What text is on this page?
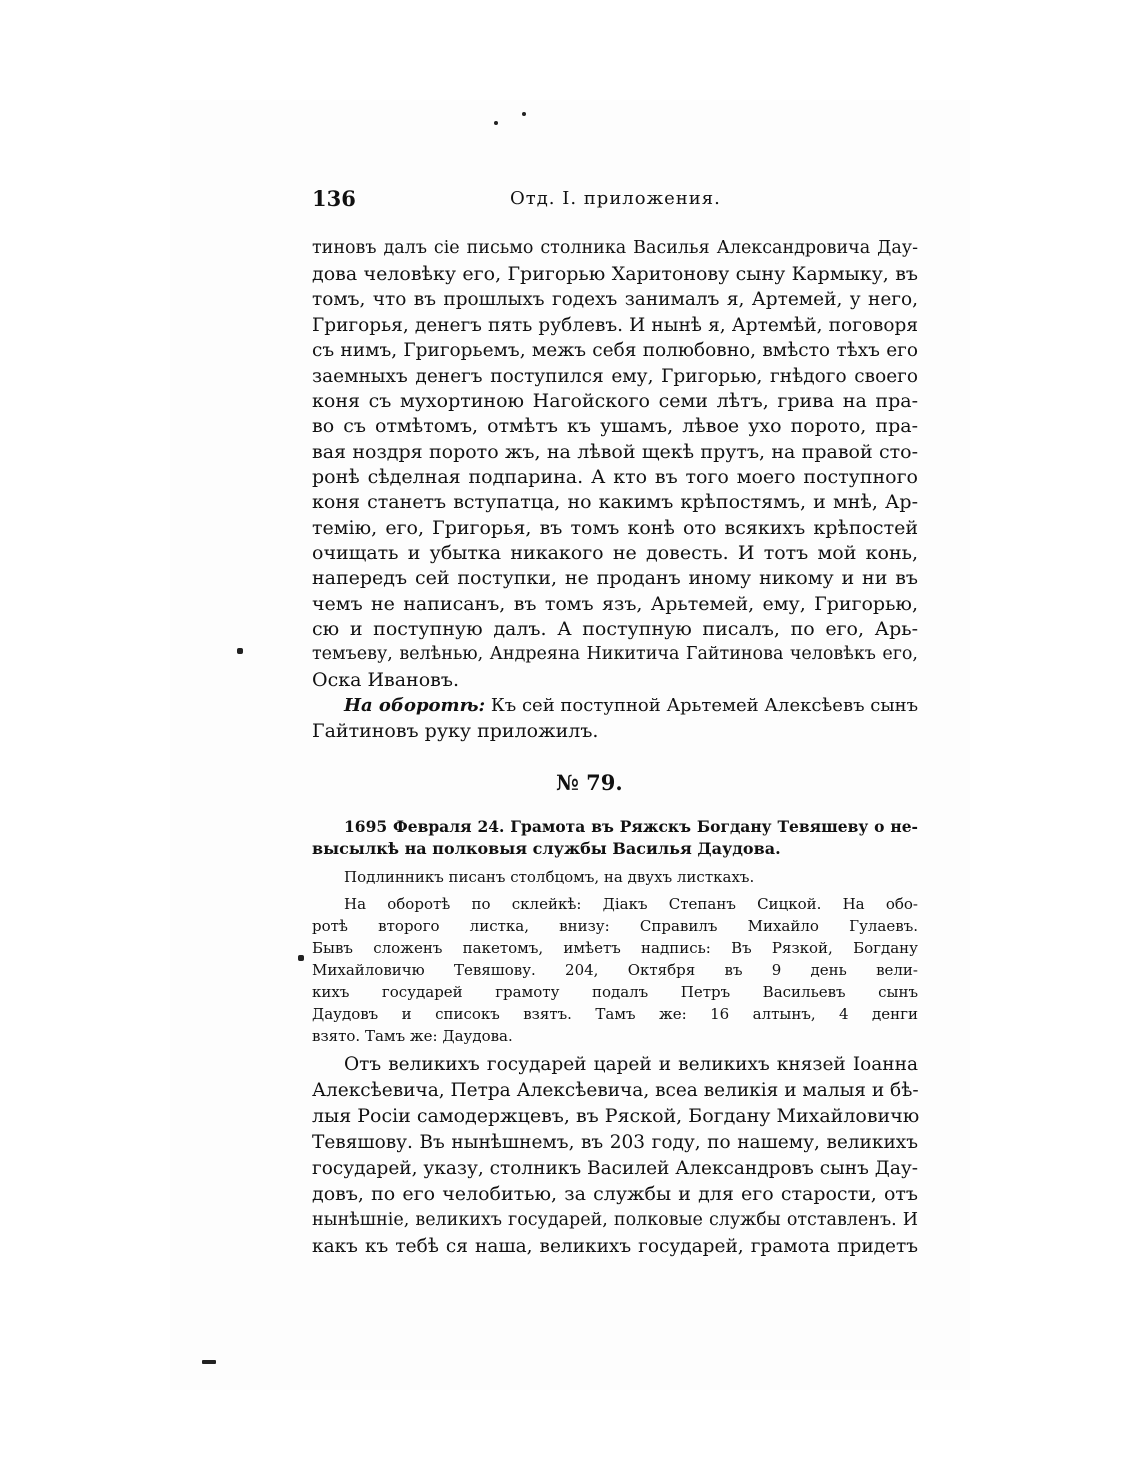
136	Отд. I. приложения.
тиновъ далъ сіе письмо столника Василья Александровича Дау-
дова человѣку его, Григорью Харитонову сыну Кармыку, въ
томъ, что въ прошлыхъ годехъ занималъ я, Артемей, у него,
Григорья, денегъ пять рублевъ. И нынѣ я, Артемѣй, поговоря
съ нимъ, Григорьемъ, межъ себя полюбовно, вмѣсто тѣхъ его
заемныхъ денегъ поступился ему, Григорью, гнѣдого своего
коня съ мухортиною Нагойского семи лѣтъ, грива на пра-
во съ отмѣтомъ, отмѣтъ къ ушамъ, лѣвое ухо порото, пра-
вая ноздря порото жъ, на лѣвой щекѣ прутъ, на правой сто-
ронѣ сѣделная подпарина. А кто въ того моего поступного
коня станетъ вступатца, но какимъ крѣпостямъ, и мнѣ, Ар-
темію, его, Григорья, въ томъ конѣ ото всякихъ крѣпостей
очищать и убытка никакого не довесть. И тотъ мой конь,
напередъ сей поступки, не проданъ иному никому и ни въ
чемъ не написанъ, въ томъ язъ, Арьтемей, ему, Григорью,
сю и поступную далъ. А поступную писалъ, по его, Арь-
темъеву, велѣнью, Андреяна Никитича Гайтинова человѣкъ его,
Оска Ивановъ.
На оборотѣ: Къ сей поступной Арьтемей Алексѣевъ сынъ
Гайтиновъ руку приложилъ.
№ 79.
1695 Февраля 24. Грамота въ Ряжскъ Богдану Тевяшеву о не-
высылкѣ на полковыя службы Василья Даудова.
Подлинникъ писанъ столбцомъ, на двухъ листкахъ.
На оборотѣ по склейкѣ: Діакъ Степанъ Сицкой. На обо-
ротѣ второго листка, внизу: Справилъ Михайло Гулаевъ.
Бывъ сложенъ пакетомъ, имѣетъ надпись: Въ Рязкой, Богдану
Михайловичю Тевяшову. 204, Октября въ 9 день вели-
кихъ государей грамоту подалъ Петръ Васильевъ сынъ
Даудовъ и списокъ взятъ. Тамъ же: 16 алтынъ, 4 денги
взято. Тамъ же: Даудова.
Отъ великихъ государей царей и великихъ князей Іоанна
Алексѣевича, Петра Алексѣевича, всеа великія и малыя и бѣ-
лыя Росіи самодержцевъ, въ Ряской, Богдану Михайловичю
Тевяшову. Въ нынѣшнемъ, въ 203 году, по нашему, великихъ
государей, указу, столникъ Василей Александровъ сынъ Дау-
довъ, по его челобитью, за службы и для его старости, отъ
нынѣшніе, великихъ государей, полковые службы отставленъ. И
какъ къ тебѣ ся наша, великихъ государей, грамота придетъ
